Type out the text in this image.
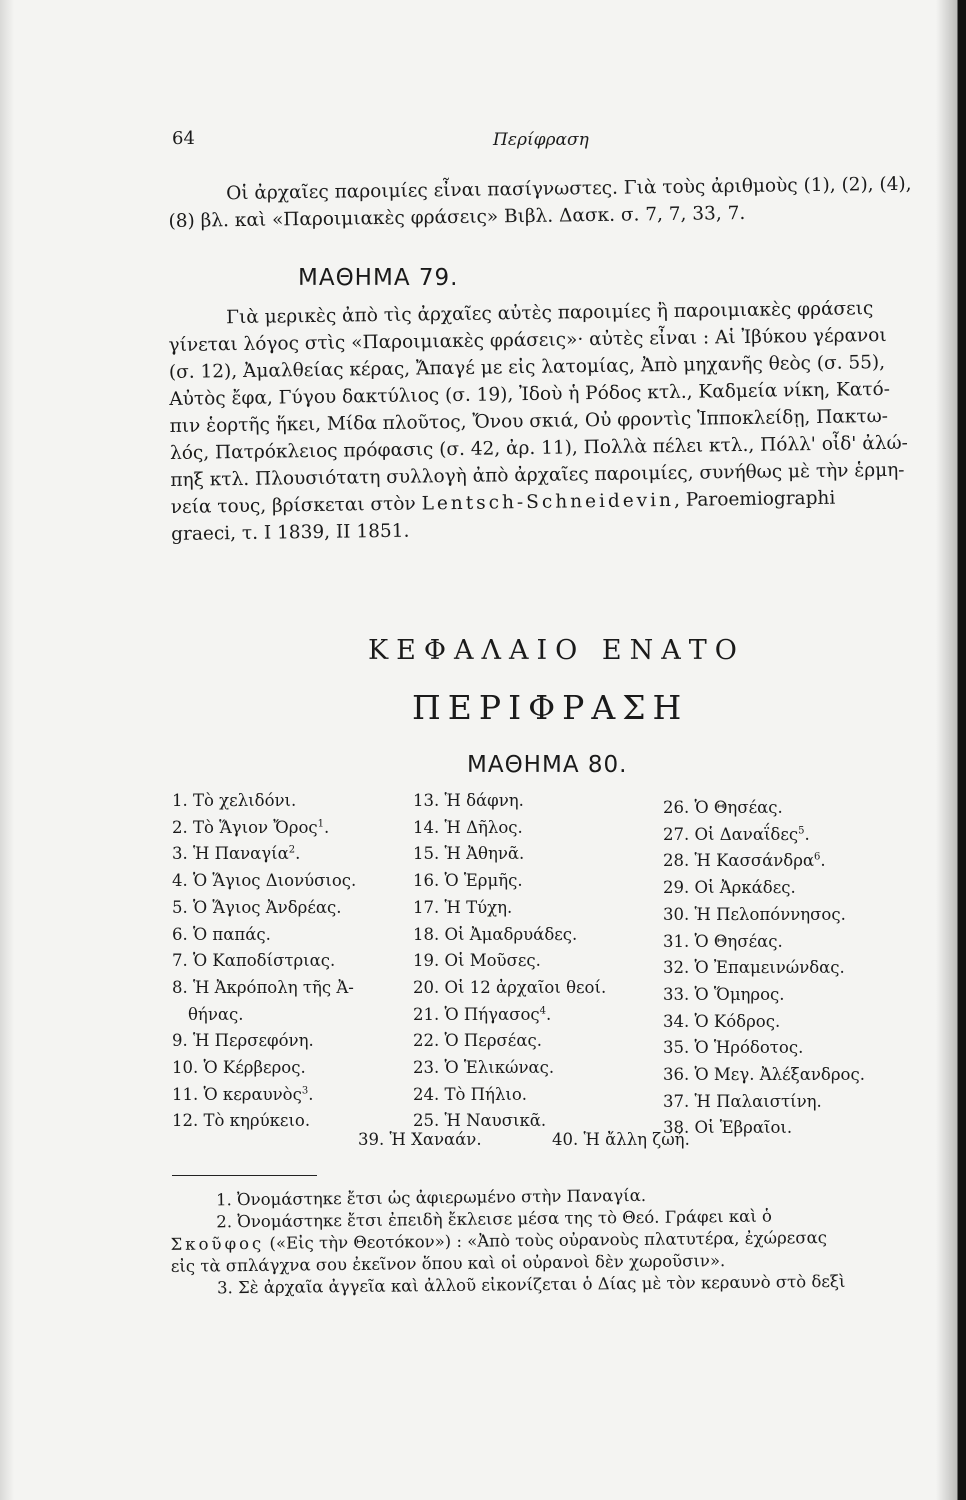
64	Περίφραση
Οἱ ἀρχαῖες παροιμίες εἶναι πασίγνωστες. Γιὰ τοὺς ἀριθμοὺς (1), (2), (4),
(8) βλ. καὶ «Παροιμιακὲς φράσεις» Βιβλ. Δασκ. σ. 7, 7, 33, 7.
ΜΑΘΗΜΑ 79.
Γιὰ μερικὲς ἀπὸ τὶς ἀρχαῖες αὐτὲς παροιμίες ἢ παροιμιακὲς φράσεις
γίνεται λόγος στὶς «Παροιμιακὲς φράσεις»· αὐτὲς εἶναι : Αἱ Ἰβύκου γέρανοι
(σ. 12), Ἀμαλθείας κέρας, Ἄπαγέ με εἰς λατομίας, Ἀπὸ μηχανῆς θεὸς (σ. 55),
Αὐτὸς ἔφα, Γύγου δακτύλιος (σ. 19), Ἰδοὺ ἡ Ρόδος κτλ., Καδμεία νίκη, Κατό-
πιν ἑορτῆς ἥκει, Μίδα πλοῦτος, Ὄνου σκιά, Οὐ φροντὶς Ἱπποκλείδῃ, Πακτω-
λός, Πατρόκλειος πρόφασις (σ. 42, ἀρ. 11), Πολλὰ πέλει κτλ., Πόλλ' οἶδ' ἀλώ-
πηξ κτλ. Πλουσιότατη συλλογὴ ἀπὸ ἀρχαῖες παροιμίες, συνήθως μὲ τὴν ἑρμη-
νεία τους, βρίσκεται στὸν Lentsch-Schneidevin, Paroemiographi
graeci, τ. I 1839, II 1851.
ΚΕΦΑΛΑΙΟ ΕΝΑΤΟ
ΠΕΡΙΦΡΑΣΗ
ΜΑΘΗΜΑ 80.
1. Τὸ χελιδόνι.
2. Τὸ Ἅγιον Ὄρος$^1$.
3. Ἡ Παναγία$^2$.
4. Ὁ Ἅγιος Διονύσιος.
5. Ὁ Ἅγιος Ἀνδρέας.
6. Ὁ παπάς.
7. Ὁ Καποδίστριας.
8. Ἡ Ἀκρόπολη τῆς Ἀ-
θήνας.
9. Ἡ Περσεφόνη.
10. Ὁ Κέρβερος.
11. Ὁ κεραυνὸς$^3$.
12. Τὸ κηρύκειο.
13. Ἡ δάφνη.
14. Ἡ Δῆλος.
15. Ἡ Ἀθηνᾶ.
16. Ὁ Ἑρμῆς.
17. Ἡ Τύχη.
18. Οἱ Ἀμαδρυάδες.
19. Οἱ Μοῦσες.
20. Οἱ 12 ἀρχαῖοι θεοί.
21. Ὁ Πήγασος$^4$.
22. Ὁ Περσέας.
23. Ὁ Ἑλικώνας.
24. Τὸ Πήλιο.
25. Ἡ Ναυσικᾶ.
26. Ὁ Θησέας.
27. Οἱ Δαναΐδες$^5$.
28. Ἡ Κασσάνδρα$^6$.
29. Οἱ Ἀρκάδες.
30. Ἡ Πελοπόννησος.
31. Ὁ Θησέας.
32. Ὁ Ἐπαμεινώνδας.
33. Ὁ Ὅμηρος.
34. Ὁ Κόδρος.
35. Ὁ Ἡρόδοτος.
36. Ὁ Μεγ. Ἀλέξανδρος.
37. Ἡ Παλαιστίνη.
38. Οἱ Ἑβραῖοι.
39. Ἡ Χαναάν.	40. Ἡ ἄλλη ζωή.
1. Ὀνομάστηκε ἔτσι ὡς ἀφιερωμένο στὴν Παναγία.
2. Ὀνομάστηκε ἔτσι ἐπειδὴ ἔκλεισε μέσα της τὸ Θεό. Γράφει καὶ ὁ
Σκοῦφος («Εἰς τὴν Θεοτόκον») : «Ἀπὸ τοὺς οὐρανοὺς πλατυτέρα, ἐχώρεσας
εἰς τὰ σπλάγχνα σου ἐκεῖνον ὅπου καὶ οἱ οὐρανοὶ δὲν χωροῦσιν».
3. Σὲ ἀρχαῖα ἀγγεῖα καὶ ἀλλοῦ εἰκονίζεται ὁ Δίας μὲ τὸν κεραυνὸ στὸ δεξὶ
